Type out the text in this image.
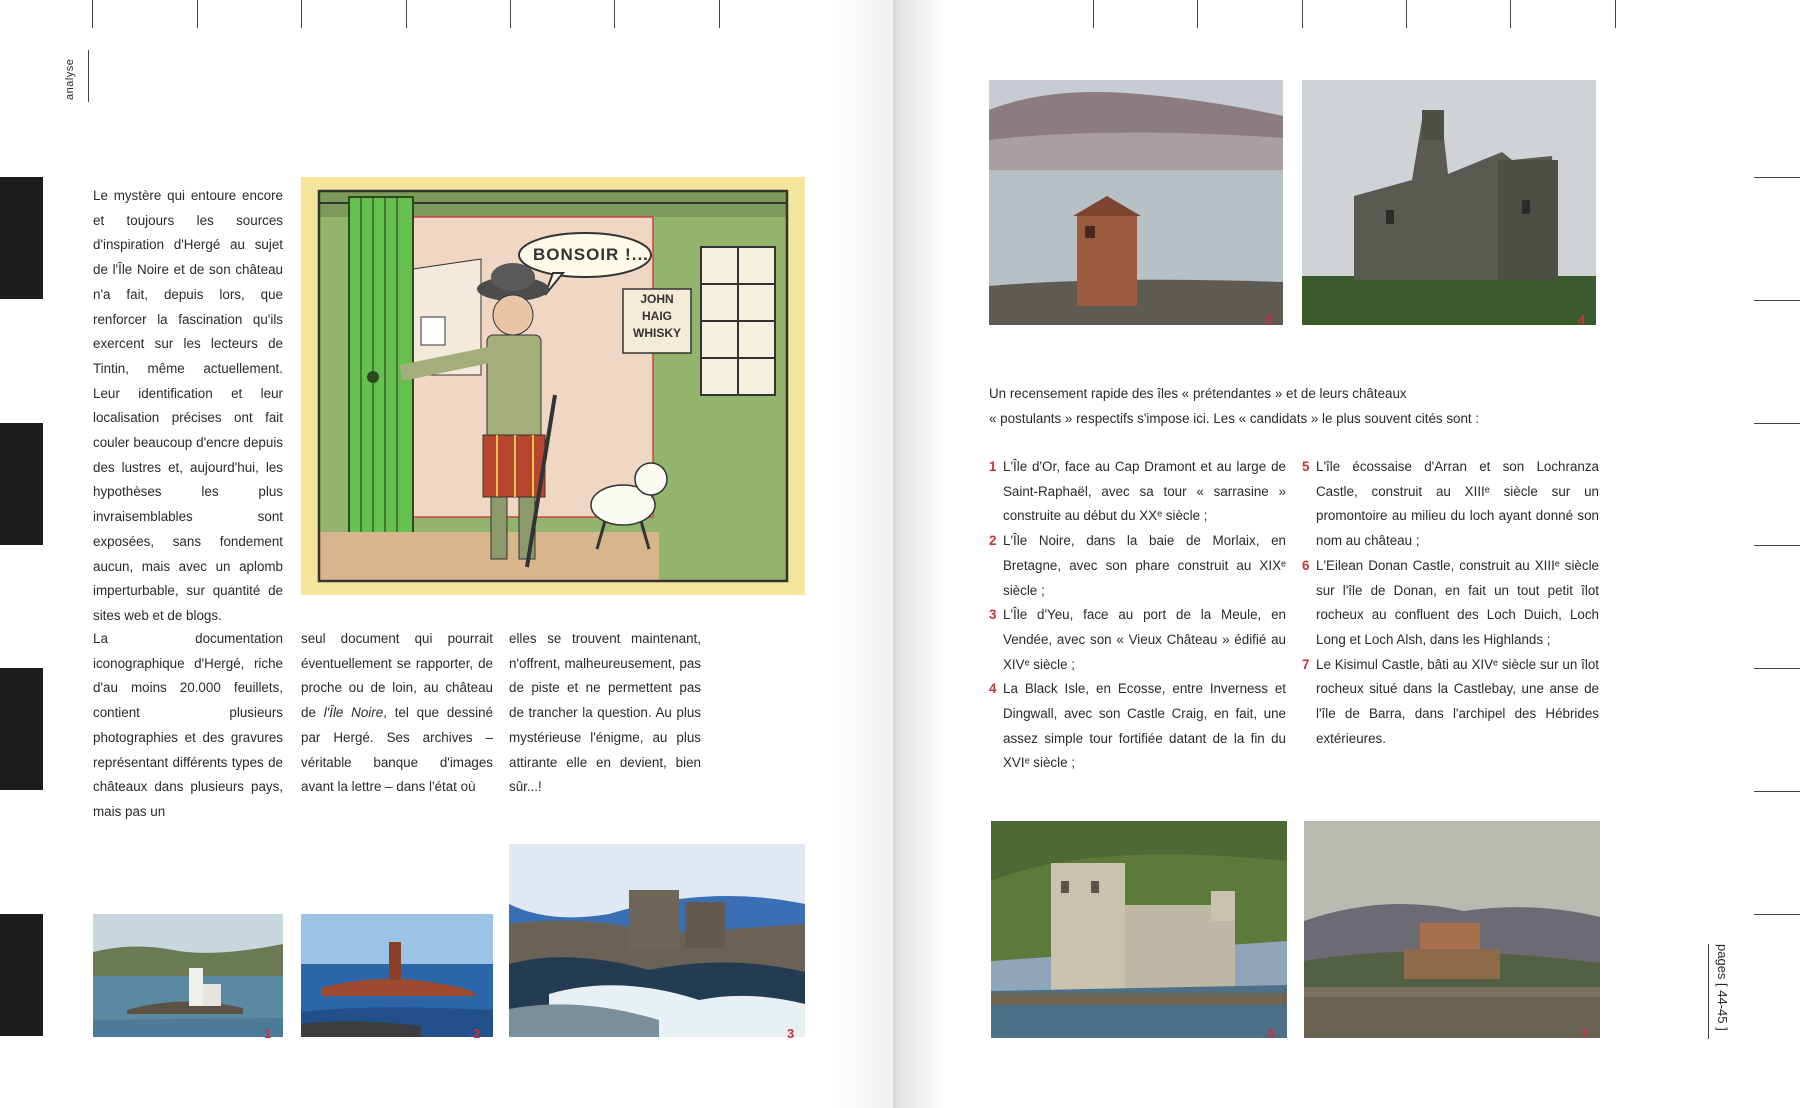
analyse

Le mystère qui entoure encore et toujours les sources d'inspiration d'Hergé au sujet de l'Île Noire et de son château n'a fait, depuis lors, que renforcer la fascination qu'ils exercent sur les lecteurs de Tintin, même actuellement. Leur identification et leur localisation précises ont fait couler beaucoup d'encre depuis des lustres et, aujourd'hui, les hypothèses les plus invraisemblables sont exposées, sans fondement aucun, mais avec un aplomb imperturbable, sur quantité de sites web et de blogs.

La documentation iconographique d'Hergé, riche d'au moins 20.000 feuillets, contient plusieurs photographies et des gravures représentant différents types de châteaux dans plusieurs pays, mais pas un

seul document qui pourrait éventuellement se rapporter, de proche ou de loin, au château de l'Île Noire, tel que dessiné par Hergé. Ses archives – véritable banque d'images avant la lettre – dans l'état où

elles se trouvent maintenant, n'offrent, malheureusement, pas de piste et ne permettent pas de trancher la question. Au plus mystérieuse l'énigme, au plus attirante elle en devient, bien sûr...!

BONSOIR !...
JOHN
HAIG
WHISKY
1	2	3
3	4
Un recensement rapide des îles « prétendantes » et de leurs châteaux
« postulants » respectifs s'impose ici. Les « candidats » le plus souvent cités sont :
1 L'Île d'Or, face au Cap Dramont et au large de Saint-Raphaël, avec sa tour « sarrasine » construite au début du XXᵉ siècle ;
2 L'Île Noire, dans la baie de Morlaix, en Bretagne, avec son phare construit au XIXᵉ siècle ;
3 L'Île d'Yeu, face au port de la Meule, en Vendée, avec son « Vieux Château » édifié au XIVᵉ siècle ;
4 La Black Isle, en Ecosse, entre Inverness et Dingwall, avec son Castle Craig, en fait, une assez simple tour fortifiée datant de la fin du XVIᵉ siècle ;
5 L'île écossaise d'Arran et son Lochranza Castle, construit au XIIIᵉ siècle sur un promontoire au milieu du loch ayant donné son nom au château ;
6 L'Eilean Donan Castle, construit au XIIIᵉ siècle sur l'île de Donan, en fait un tout petit îlot rocheux au confluent des Loch Duich, Loch Long et Loch Alsh, dans les Highlands ;
7 Le Kisimul Castle, bâti au XIVᵉ siècle sur un îlot rocheux situé dans la Castlebay, une anse de l'île de Barra, dans l'archipel des Hébrides extérieures.
6	7
pages [ 44-45 ]
